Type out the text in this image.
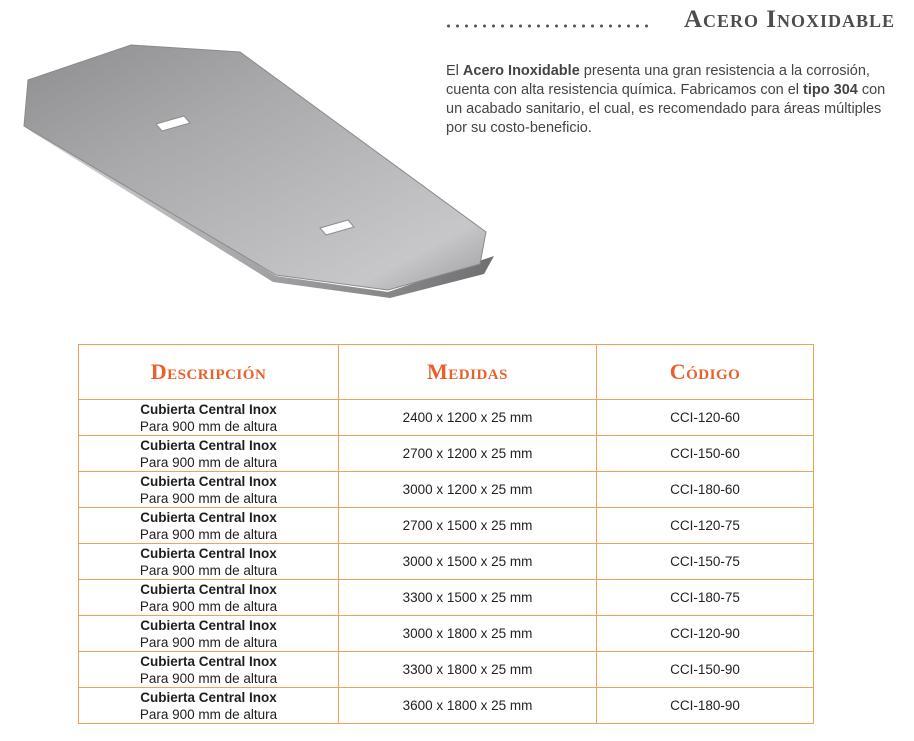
Acero Inoxidable

El Acero Inoxidable presenta una gran resistencia a la corrosión, cuenta con alta resistencia química. Fabricamos con el tipo 304 con un acabado sanitario, el cual, es recomendado para áreas múltiples por su costo-beneficio.

Descripción	Medidas	Código

Cubierta Central Inox
Para 900 mm de altura	2400 x 1200 x 25 mm	CCI-120-60

Cubierta Central Inox
Para 900 mm de altura	2700 x 1200 x 25 mm	CCI-150-60

Cubierta Central Inox
Para 900 mm de altura	3000 x 1200 x 25 mm	CCI-180-60

Cubierta Central Inox
Para 900 mm de altura	2700 x 1500 x 25 mm	CCI-120-75

Cubierta Central Inox
Para 900 mm de altura	3000 x 1500 x 25 mm	CCI-150-75

Cubierta Central Inox
Para 900 mm de altura	3300 x 1500 x 25 mm	CCI-180-75

Cubierta Central Inox
Para 900 mm de altura	3000 x 1800 x 25 mm	CCI-120-90

Cubierta Central Inox
Para 900 mm de altura	3300 x 1800 x 25 mm	CCI-150-90

Cubierta Central Inox
Para 900 mm de altura	3600 x 1800 x 25 mm	CCI-180-90
